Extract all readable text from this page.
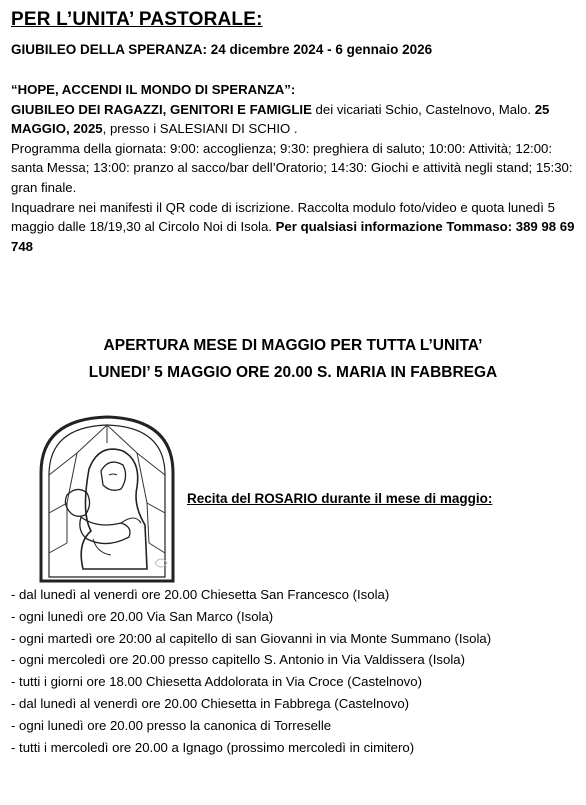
PER L’UNITA’ PASTORALE:
GIUBILEO DELLA SPERANZA: 24 dicembre 2024 - 6 gennaio 2026

“HOPE, ACCENDI IL MONDO DI SPERANZA”:

GIUBILEO DEI RAGAZZI, GENITORI E FAMIGLIE dei vicariati Schio, Castelnovo, Malo. 25 MAGGIO, 2025, presso i SALESIANI DI SCHIO .

Programma della giornata: 9:00: accoglienza; 9:30: preghiera di saluto; 10:00: Attività; 12:00: santa Messa; 13:00: pranzo al sacco/bar dell’Oratorio; 14:30: Giochi e attività negli stand; 15:30: gran finale.

Inquadrare nei manifesti il QR code di iscrizione. Raccolta modulo foto/video e quota lunedì 5 maggio dalle 18/19,30 al Circolo Noi di Isola. Per qualsiasi informazione Tommaso: 389 98 69 748

APERTURA MESE DI MAGGIO PER TUTTA L’UNITA’
LUNEDI’ 5 MAGGIO ORE 20.00 S. MARIA IN FABBREGA
Recita del ROSARIO durante il mese di maggio:
- dal lunedì al venerdì ore 20.00 Chiesetta San Francesco (Isola)
- ogni lunedì ore 20.00 Via San Marco (Isola)
- ogni martedì ore 20:00 al capitello di san Giovanni in via Monte Summano (Isola)
- ogni mercoledì ore 20.00 presso capitello S. Antonio in Via Valdissera (Isola)
- tutti i giorni ore 18.00 Chiesetta Addolorata in Via Croce (Castelnovo)
- dal lunedì al venerdì ore 20.00 Chiesetta in Fabbrega (Castelnovo)
- ogni lunedì ore 20.00 presso la canonica di Torreselle
- tutti i mercoledì ore 20.00 a Ignago (prossimo mercoledì in cimitero)
